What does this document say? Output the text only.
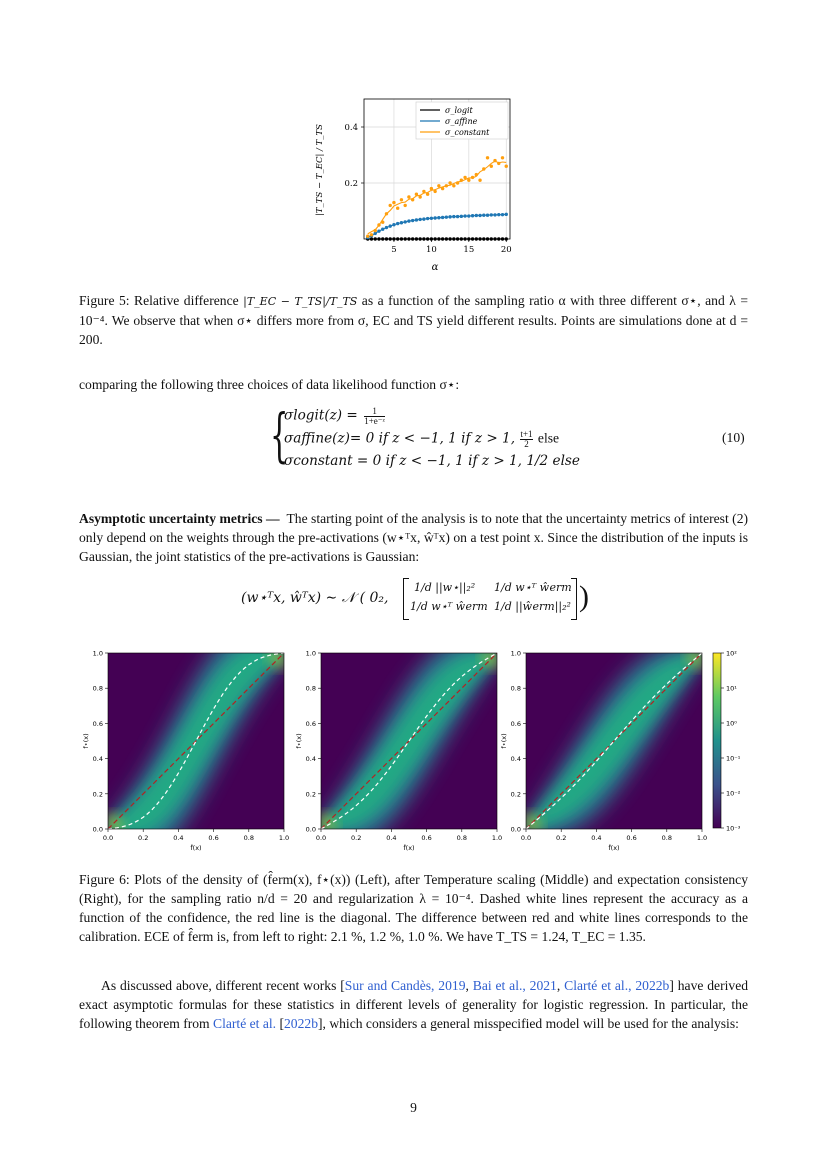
5	10	15	20
0.2
0.4
α
|T_TS − T_EC| / T_TS
σ_logit
σ_affine
σ_constant
Figure 5: Relative difference |T_EC − T_TS|/T_TS as a function of the sampling ratio α with three different σ⋆, and λ = 10⁻⁴. We observe that when σ⋆ differs more from σ, EC and TS yield different results. Points are simulations done at d = 200.
comparing the following three choices of data likelihood function σ⋆:
{
σlogit(z) = $\frac{1}{\text{1+e⁻ᶻ}}$
σaffine(z)= 0 if z < −1, 1 if z > 1, $\frac{t+1}{2}$ else
σconstant = 0 if z < −1, 1 if z > 1, 1/2 else
(10)
Asymptotic uncertainty metrics — The starting point of the analysis is to note that the uncertainty metrics of interest (2) only depend on the weights through the pre-activations (w⋆ᵀx, ŵᵀx) on a test point x. Since the distribution of the inputs is Gaussian, the joint statistics of the pre-activations is Gaussian:
(w⋆ᵀx, ŵᵀx) ∼ 𝒩 ( 0₂,
1/d ||w⋆||₂² 1/d w⋆ᵀ ŵerm
1/d w⋆ᵀ ŵerm 1/d ||ŵerm||₂² )
0.0
0.0
0.2
0.2
0.4
0.4
0.6
0.6
0.8
0.8
1.0
1.0
f̂(x)
f⋆(x)
0.0
0.0
0.2
0.2
0.4
0.4
0.6
0.6
0.8
0.8
1.0
1.0
f̂(x)
f⋆(x)
0.0
0.0
0.2
0.2
0.4
0.4
0.6
0.6
0.8
0.8
1.0
1.0
f̂(x)
f⋆(x)
10²
10¹
10⁰
10⁻¹
10⁻²
10⁻³
Figure 6: Plots of the density of (f̂erm(x), f⋆(x)) (Left), after Temperature scaling (Middle) and expectation consistency (Right), for the sampling ratio n/d = 20 and regularization λ = 10⁻⁴. Dashed white lines represent the accuracy as a function of the confidence, the red line is the diagonal. The difference between red and white lines corresponds to the calibration. ECE of f̂erm is, from left to right: 2.1 %, 1.2 %, 1.0 %. We have T_TS = 1.24, T_EC = 1.35.
As discussed above, different recent works [Sur and Candès, 2019, Bai et al., 2021, Clarté et al., 2022b] have derived exact asymptotic formulas for these statistics in different levels of generality for logistic regression. In particular, the following theorem from Clarté et al. [2022b], which considers a general misspecified model will be used for the analysis:
9
